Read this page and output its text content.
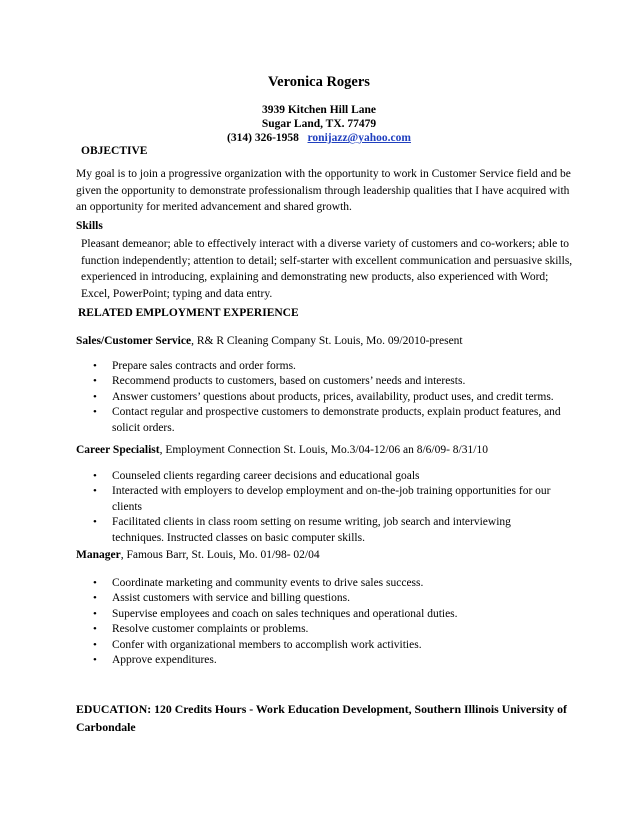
Veronica Rogers
3939 Kitchen Hill Lane
Sugar Land, TX. 77479
(314) 326-1958 ronijazz@yahoo.com
OBJECTIVE
My goal is to join a progressive organization with the opportunity to work in Customer Service field and be given the opportunity to demonstrate professionalism through leadership qualities that I have acquired with an opportunity for merited advancement and shared growth.
Skills
Pleasant demeanor; able to effectively interact with a diverse variety of customers and co-workers; able to function independently; attention to detail; self-starter with excellent communication and persuasive skills, experienced in introducing, explaining and demonstrating new products, also experienced with Word; Excel, PowerPoint; typing and data entry.
RELATED EMPLOYMENT EXPERIENCE
Sales/Customer Service, R& R Cleaning Company St. Louis, Mo. 09/2010-present
• Prepare sales contracts and order forms.
• Recommend products to customers, based on customers’ needs and interests.
• Answer customers’ questions about products, prices, availability, product uses, and credit terms.
• Contact regular and prospective customers to demonstrate products, explain product features, and solicit orders.
Career Specialist, Employment Connection St. Louis, Mo.3/04-12/06 an 8/6/09- 8/31/10
• Counseled clients regarding career decisions and educational goals
• Interacted with employers to develop employment and on-the-job training opportunities for our clients
• Facilitated clients in class room setting on resume writing, job search and interviewing techniques. Instructed classes on basic computer skills.
Manager, Famous Barr, St. Louis, Mo. 01/98- 02/04
• Coordinate marketing and community events to drive sales success.
• Assist customers with service and billing questions.
• Supervise employees and coach on sales techniques and operational duties.
• Resolve customer complaints or problems.
• Confer with organizational members to accomplish work activities.
• Approve expenditures.
EDUCATION: 120 Credits Hours - Work Education Development, Southern Illinois University of Carbondale
